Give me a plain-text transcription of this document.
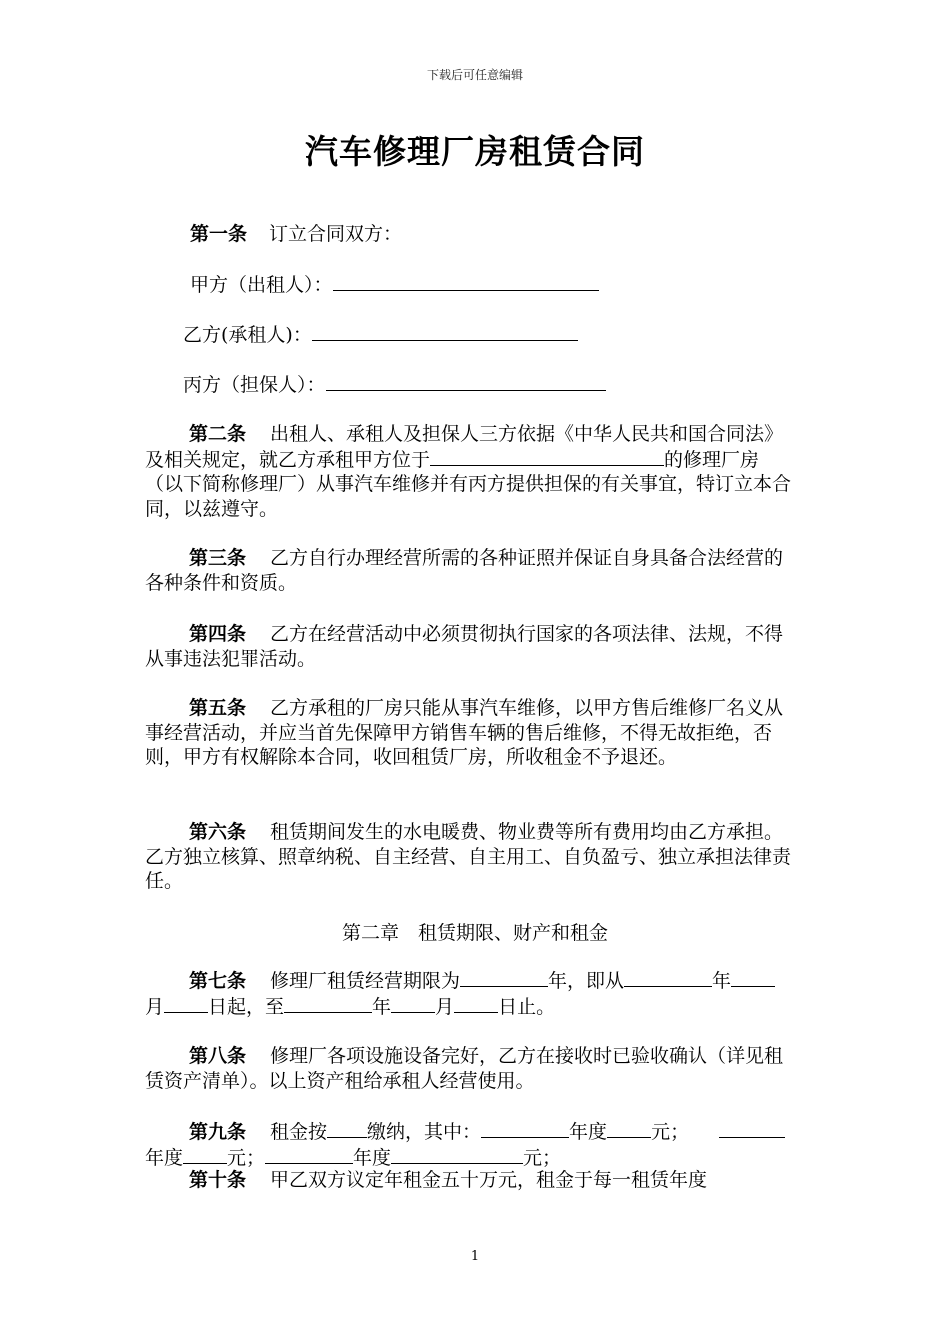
下载后可任意编辑
汽车修理厂房租赁合同
第一条 订立合同双方：
甲方（出租人）：
乙方(承租人)：
丙方（担保人）：
第二条 出租人、承租人及担保人三方依据《中华人民共和国合同法》及相关规定，就乙方承租甲方位于	的修理厂房（以下简称修理厂）从事汽车维修并有丙方提供担保的有关事宜，特订立本合同，以兹遵守。
第三条 乙方自行办理经营所需的各种证照并保证自身具备合法经营的各种条件和资质。
第四条 乙方在经营活动中必须贯彻执行国家的各项法律、法规，不得从事违法犯罪活动。
第五条 乙方承租的厂房只能从事汽车维修，以甲方售后维修厂名义从事经营活动，并应当首先保障甲方销售车辆的售后维修，不得无故拒绝，否则，甲方有权解除本合同，收回租赁厂房，所收租金不予退还。
第六条 租赁期间发生的水电暖费、物业费等所有费用均由乙方承担。乙方独立核算、照章纳税、自主经营、自主用工、自负盈亏、独立承担法律责任。
第二章　租赁期限、财产和租金
第七条 修理厂租赁经营期限为	年，即从	年月 日起，至	年 月 日止。
第八条 修理厂各项设施设备完好，乙方在接收时已验收确认（详见租赁资产清单）。以上资产租给承租人经营使用。
第九条 租金按 缴纳，其中：	年度 元；年度 元；	年度	元；
第十条 甲乙双方议定年租金五十万元，租金于每一租赁年度
1
